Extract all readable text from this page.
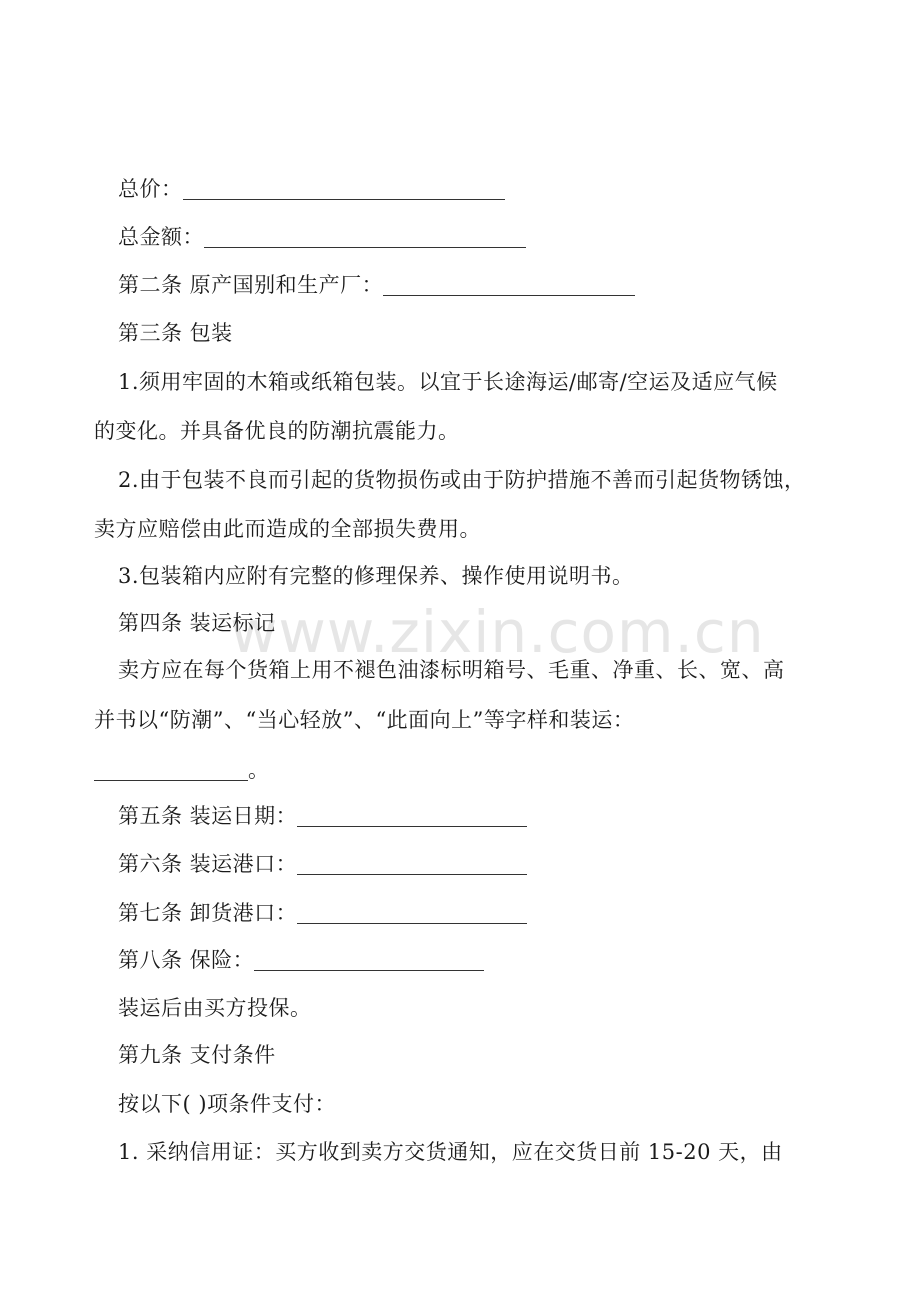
www.zixin.com.cn
总价：
总金额：
第二条 原产国别和生产厂：
第三条 包装
1.须用牢固的木箱或纸箱包装。以宜于长途海运/邮寄/空运及适应气候
的变化。并具备优良的防潮抗震能力。
2.由于包装不良而引起的货物损伤或由于防护措施不善而引起货物锈蚀，
卖方应赔偿由此而造成的全部损失费用。
3.包装箱内应附有完整的修理保养、操作使用说明书。
第四条 装运标记
卖方应在每个货箱上用不褪色油漆标明箱号、毛重、净重、长、宽、高
并书以“防潮”、“当心轻放”、“此面向上”等字样和装运：
。
第五条 装运日期：
第六条 装运港口：
第七条 卸货港口：
第八条 保险：
装运后由买方投保。
第九条 支付条件
按以下( )项条件支付：
1. 采纳信用证：买方收到卖方交货通知，应在交货日前 15-20 天，由
